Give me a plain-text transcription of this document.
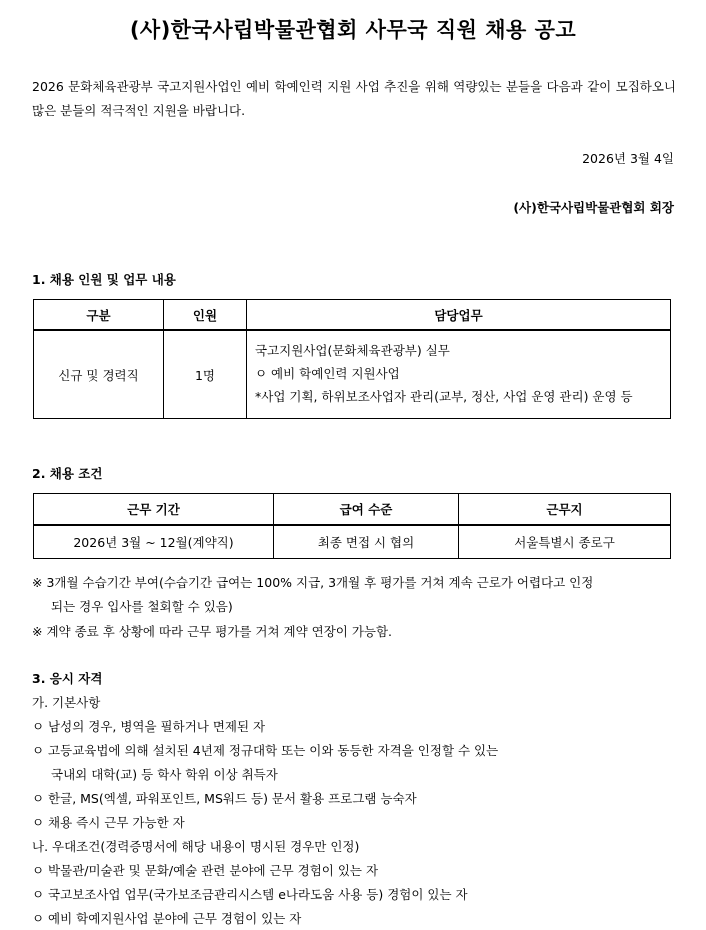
(사)한국사립박물관협회 사무국 직원 채용 공고
2026 문화체육관광부 국고지원사업인 예비 학예인력 지원 사업 추진을 위해 역량있는 분들을 다음과 같이 모집하오니 많은 분들의 적극적인 지원을 바랍니다.
2026년 3월 4일
(사)한국사립박물관협회 회장
1. 채용 인원 및 업무 내용
구분	인원	담당업무
신규 및 경력직	1명	국고지원사업(문화체육관광부) 실무
ㅇ 예비 학예인력 지원사업
*사업 기획, 하위보조사업자 관리(교부, 정산, 사업 운영 관리) 운영 등
2. 채용 조건
근무 기간	급여 수준	근무지
2026년 3월 ~ 12월(계약직)	최종 면접 시 협의	서울특별시 종로구
※ 3개월 수습기간 부여(수습기간 급여는 100% 지급, 3개월 후 평가를 거쳐 계속 근로가 어렵다고 인정
되는 경우 입사를 철회할 수 있음)
※ 계약 종료 후 상황에 따라 근무 평가를 거쳐 계약 연장이 가능함.
3. 응시 자격
가. 기본사항
ㅇ 남성의 경우, 병역을 필하거나 면제된 자
ㅇ 고등교육법에 의해 설치된 4년제 정규대학 또는 이와 동등한 자격을 인정할 수 있는
국내외 대학(교) 등 학사 학위 이상 취득자
ㅇ 한글, MS(엑셀, 파워포인트, MS워드 등) 문서 활용 프로그램 능숙자
ㅇ 채용 즉시 근무 가능한 자
나. 우대조건(경력증명서에 해당 내용이 명시된 경우만 인정)
ㅇ 박물관/미술관 및 문화/예술 관련 분야에 근무 경험이 있는 자
ㅇ 국고보조사업 업무(국가보조금관리시스템 e나라도움 사용 등) 경험이 있는 자
ㅇ 예비 학예지원사업 분야에 근무 경험이 있는 자
